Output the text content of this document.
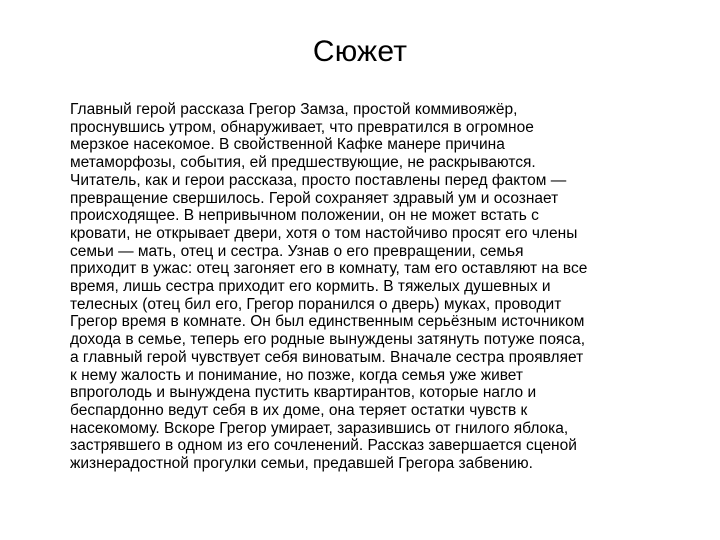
Сюжет

Главный герой рассказа Грегор Замза, простой коммивояжёр,
проснувшись утром, обнаруживает, что превратился в огромное
мерзкое насекомое. В свойственной Кафке манере причина
метаморфозы, события, ей предшествующие, не раскрываются.
Читатель, как и герои рассказа, просто поставлены перед фактом —
превращение свершилось. Герой сохраняет здравый ум и осознает
происходящее. В непривычном положении, он не может встать с
кровати, не открывает двери, хотя о том настойчиво просят его члены
семьи — мать, отец и сестра. Узнав о его превращении, семья
приходит в ужас: отец загоняет его в комнату, там его оставляют на все
время, лишь сестра приходит его кормить. В тяжелых душевных и
телесных (отец бил его, Грегор поранился о дверь) муках, проводит
Грегор время в комнате. Он был единственным серьёзным источником
дохода в семье, теперь его родные вынуждены затянуть потуже пояса,
а главный герой чувствует себя виноватым. Вначале сестра проявляет
к нему жалость и понимание, но позже, когда семья уже живет
впроголодь и вынуждена пустить квартирантов, которые нагло и
беспардонно ведут себя в их доме, она теряет остатки чувств к
насекомому. Вскоре Грегор умирает, заразившись от гнилого яблока,
застрявшего в одном из его сочленений. Рассказ завершается сценой
жизнерадостной прогулки семьи, предавшей Грегора забвению.
